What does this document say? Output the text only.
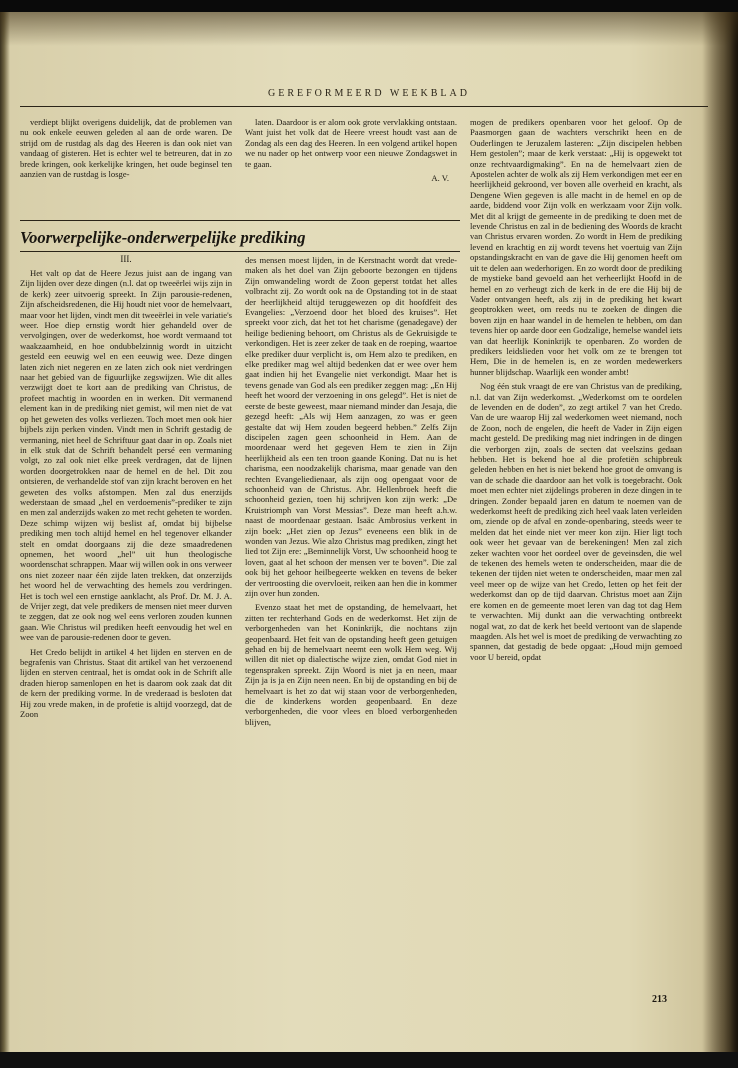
GEREFORMEERD WEEKBLAD

verdiept blijkt overigens duidelijk, dat de problemen van nu ook enkele eeuwen geleden al aan de orde waren. De strijd om de rustdag als dag des Heeren is dan ook niet van vandaag of gisteren. Het is echter wel te betreuren, dat in zo brede kringen, ook kerkelijke kringen, het oude beginsel ten aanzien van de rustdag is losge-

laten. Daardoor is er alom ook grote vervlakking ontstaan. Want juist het volk dat de Heere vreest houdt vast aan de Zondag als een dag des Heeren. In een volgend artikel hopen we nu nader op het ontwerp voor een nieuwe Zondagswet in te gaan.

A. V.

Voorwerpelijke-onderwerpelijke prediking
III.

Het valt op dat de Heere Jezus juist aan de ingang van Zijn lijden over deze dingen (n.l. dat op tweeërlei wijs zijn in de kerk) zeer uitvoerig spreekt. In Zijn parousie-redenen, Zijn afscheidsredenen, die Hij houdt niet voor de hemelvaart, maar voor het lijden, vindt men dit tweeërlei in vele variatie's weer. Hoe diep ernstig wordt hier gehandeld over de vervolgingen, over de wederkomst, hoe wordt vermaand tot waakzaamheid, en hoe ondubbelzinnig wordt in uitzicht gesteld een eeuwig wel en een eeuwig wee. Deze dingen laten zich niet negeren en ze laten zich ook niet verdringen naar het gebied van de figuurlijke zegswijzen. Wie dit alles verzwijgt doet te kort aan de prediking van Christus, de profeet machtig in woorden en in werken. Dit vermanend element kan in de prediking niet gemist, wil men niet de vat op het geweten des volks verliezen. Toch moet men ook hier bijbels zijn perken vinden. Vindt men in Schrift gestadig de vermaning, niet heel de Schriftuur gaat daar in op. Zoals niet in elk stuk dat de Schrift behandelt persé een vermaning volgt, zo zal ook niet elke preek verdragen, dat de lijnen worden doorgetrokken naar de hemel en de hel. Dit zou ontsieren, de verhandelde stof van zijn kracht beroven en het geweten des volks afstompen. Men zal dus enerzijds wederstaan de smaad „hel en verdoemenis”-prediker te zijn en men zal anderzijds waken zo met recht geheten te worden. Deze schimp wijzen wij beslist af, omdat bij bijbelse prediking men toch altijd hemel en hel tegenover elkander stelt en omdat doorgaans zij die deze smaadredenen opnemen, het woord „hel” uit hun theologische woordenschat schrappen. Maar wij willen ook in ons verweer ons niet zozeer naar één zijde laten trekken, dat onzerzijds het woord hel de verwachting des hemels zou verdringen. Het is toch wel een ernstige aanklacht, als Prof. Dr. M. J. A. de Vrijer zegt, dat vele predikers de mensen niet meer durven te zeggen, dat ze ook nog wel eens verloren zouden kunnen gaan. Wie Christus wil prediken heeft eenvoudig het wel en wee van de parousie-redenen door te geven.

Het Credo belijdt in artikel 4 het lijden en sterven en de begrafenis van Christus. Staat dit artikel van het verzoenend lijden en sterven centraal, het is omdat ook in de Schrift alle draden hierop samenlopen en het is daarom ook zaak dat dit de kern der prediking vorme. In de vrederaad is besloten dat Hij zou vrede maken, in de profetie is altijd voorzegd, dat de Zoon

des mensen moest lijden, in de Kerstnacht wordt dat vrede-maken als het doel van Zijn geboorte bezongen en tijdens Zijn omwandeling wordt de Zoon geperst totdat het alles volbracht zij. Zo wordt ook na de Opstanding tot in de staat der heerlijkheid altijd teruggewezen op dit hoofdfeit des Evangelies: „Verzoend door het bloed des kruises”. Het spreekt voor zich, dat het tot het charisme (genadegave) der heilige bediening behoort, om Christus als de Gekruisigde te verkondigen. Het is zeer zeker de taak en de roeping, waartoe elke prediker duur verplicht is, om Hem alzo te prediken, en elke prediker mag wel altijd bedenken dat er wee over hem gaat indien hij het Evangelie niet verkondigt. Maar het is tevens genade van God als een prediker zeggen mag: „En Hij heeft het woord der verzoening in ons gelegd”. Het is niet de eerste de beste geweest, maar niemand minder dan Jesaja, die gezegd heeft: „Als wij Hem aanzagen, zo was er geen gestalte dat wij Hem zouden begeerd hebben.” Zelfs Zijn discipelen zagen geen schoonheid in Hem. Aan de moordenaar werd het gegeven Hem te zien in Zijn heerlijkheid als een ten troon gaande Koning. Dat nu is het charisma, een noodzakelijk charisma, maar genade van den rechten Evangeliedienaar, als zijn oog opengaat voor de schoonheid van de Christus. Abr. Hellenbroek heeft die schoonheid gezien, toen hij schrijven kon zijn werk: „De Kruistriomph van Vorst Messias”. Deze man heeft a.h.w. naast de moordenaar gestaan. Isaäc Ambrosius verkent in zijn boek: „Het zien op Jezus” eveneens een blik in de wonden van Jezus. Wie alzo Christus mag prediken, zingt het lied tot Zijn ere: „Beminnelijk Vorst, Uw schoonheid hoog te loven, gaat al het schoon der mensen ver te boven”. Die zal ook bij het gehoor heilbegeerte wekken en tevens de beker der vertroosting die overvloeit, reiken aan hen die in kommer zijn over hun zonden.

Evenzo staat het met de opstanding, de hemelvaart, het zitten ter rechterhand Gods en de wederkomst. Het zijn de verborgenheden van het Koninkrijk, die nochtans zijn geopenbaard. Het feit van de opstanding heeft geen getuigen gehad en bij de hemelvaart neemt een wolk Hem weg. Wij willen dit niet op dialectische wijze zien, omdat God niet in tegenspraken spreekt. Zijn Woord is niet ja en neen, maar Zijn ja is ja en Zijn neen neen. En bij de opstanding en bij de hemelvaart is het zo dat wij staan voor de verborgenheden, die de kinderkens worden geopenbaard. En deze verborgenheden, die voor vlees en bloed verborgenheden blijven,

mogen de predikers openbaren voor het geloof. Op de Paasmorgen gaan de wachters verschrikt heen en de Ouderlingen te Jeruzalem lasteren: „Zijn discipelen hebben Hem gestolen”; maar de kerk verstaat: „Hij is opgewekt tot onze rechtvaardigmaking”. En na de hemelvaart zien de Apostelen achter de wolk als zij Hem verkondigen met eer en heerlijkheid gekroond, ver boven alle overheid en kracht, als Dengene Wien gegeven is alle macht in de hemel en op de aarde, biddend voor Zijn volk en werkzaam voor Zijn volk. Met dit al krijgt de gemeente in de prediking te doen met de levende Christus en zal in de bediening des Woords de kracht van Christus ervaren worden. Zo wordt in Hem de prediking levend en krachtig en zij wordt tevens het voertuig van Zijn opstandingskracht en van de gave die Hij genomen heeft om uit te delen aan wederhorigen. En zo wordt door de prediking de mystieke band gevoeld aan het verheerlijkt Hoofd in de hemel en zo verheugt zich de kerk in de ere die Hij bij de Vader ontvangen heeft, als zij in de prediking het kwart geoptrokken weet, om reeds nu te zoeken de dingen die boven zijn en haar wandel in de hemelen te hebben, om dan tevens hier op aarde door een Godzalige, hemelse wandel iets van dat heerlijk Koninkrijk te openbaren. Zo worden de predikers leidslieden voor het volk om ze te brengen tot Hem, Die in de hemelen is, en ze worden medewerkers hunner blijdschap. Waarlijk een wonder ambt!

Nog één stuk vraagt de ere van Christus van de prediking, n.l. dat van Zijn wederkomst. „Wederkomst om te oordelen de levenden en de doden”, zo zegt artikel 7 van het Credo. Van de ure waarop Hij zal wederkomen weet niemand, noch de Zoon, noch de engelen, die heeft de Vader in Zijn eigen macht gesteld. De prediking mag niet indringen in de dingen die verborgen zijn, zoals de secten dat veelszins gedaan hebben. Het is bekend hoe al die profetiën schipbreuk geleden hebben en het is niet bekend hoe groot de omvang is van de schade die daardoor aan het volk is toegebracht. Ook moet men echter niet zijdelings proberen in deze dingen in te dringen. Zonder bepaald jaren en datum te noemen van de wederkomst heeft de prediking zich heel vaak laten verleiden om, ziende op de afval en zonde-openbaring, steeds weer te melden dat het einde niet ver meer kon zijn. Hier ligt toch ook weer het gevaar van de berekeningen! Men zal zich zeker wachten voor het oordeel over de geveinsden, die wel de tekenen des hemels weten te onderscheiden, maar die de tekenen der tijden niet weten te onderscheiden, maar men zal veel meer op de wijze van het Credo, letten op het feit der wederkomst dan op de tijd daarvan. Christus moet aan Zijn ere komen en de gemeente moet leren van dag tot dag Hem te verwachten. Mij dunkt aan die verwachting ontbreekt nogal wat, zo dat de kerk het beeld vertoont van de slapende maagden. Als het wel is moet de prediking de verwachting zo spannen, dat gestadig de bede opgaat: „Houd mijn gemoed voor U bereid, opdat

213
